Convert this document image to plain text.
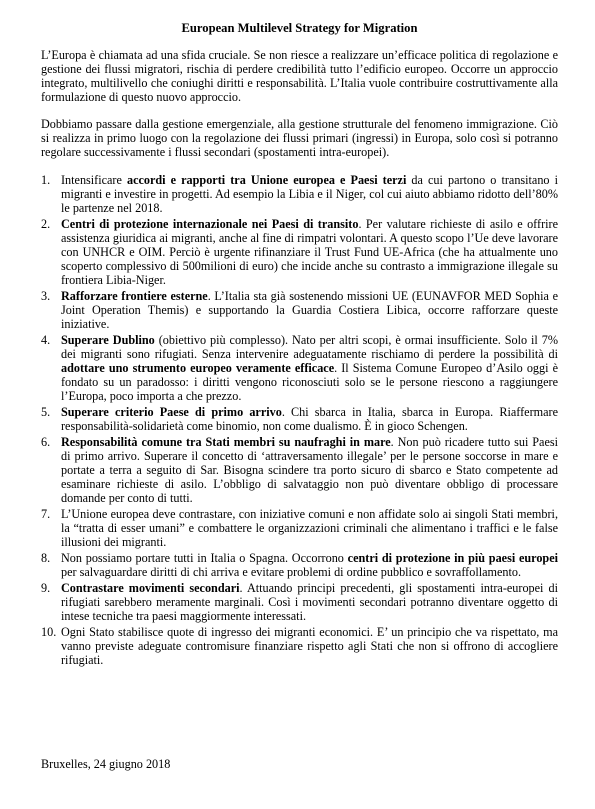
European Multilevel Strategy for Migration

L’Europa è chiamata ad una sfida cruciale. Se non riesce a realizzare un’efficace politica di regolazione e gestione dei flussi migratori, rischia di perdere credibilità tutto l’edificio europeo. Occorre un approccio integrato, multilivello che coniughi diritti e responsabilità. L’Italia vuole contribuire costruttivamente alla formulazione di questo nuovo approccio.

Dobbiamo passare dalla gestione emergenziale, alla gestione strutturale del fenomeno immigrazione. Ciò si realizza in primo luogo con la regolazione dei flussi primari (ingressi) in Europa, solo così si potranno regolare successivamente i flussi secondari (spostamenti intra-europei).

1. Intensificare accordi e rapporti tra Unione europea e Paesi terzi da cui partono o transitano i migranti e investire in progetti. Ad esempio la Libia e il Niger, col cui aiuto abbiamo ridotto dell’80% le partenze nel 2018.
2. Centri di protezione internazionale nei Paesi di transito. Per valutare richieste di asilo e offrire assistenza giuridica ai migranti, anche al fine di rimpatri volontari. A questo scopo l’Ue deve lavorare con UNHCR e OIM. Perciò è urgente rifinanziare il Trust Fund UE-Africa (che ha attualmente uno scoperto complessivo di 500milioni di euro) che incide anche su contrasto a immigrazione illegale su frontiera Libia-Niger.
3. Rafforzare frontiere esterne. L’Italia sta già sostenendo missioni UE (EUNAVFOR MED Sophia e Joint Operation Themis) e supportando la Guardia Costiera Libica, occorre rafforzare queste iniziative.
4. Superare Dublino (obiettivo più complesso). Nato per altri scopi, è ormai insufficiente. Solo il 7% dei migranti sono rifugiati. Senza intervenire adeguatamente rischiamo di perdere la possibilità di adottare uno strumento europeo veramente efficace. Il Sistema Comune Europeo d’Asilo oggi è fondato su un paradosso: i diritti vengono riconosciuti solo se le persone riescono a raggiungere l’Europa, poco importa a che prezzo.
5. Superare criterio Paese di primo arrivo. Chi sbarca in Italia, sbarca in Europa. Riaffermare responsabilità-solidarietà come binomio, non come dualismo. È in gioco Schengen.
6. Responsabilità comune tra Stati membri su naufraghi in mare. Non può ricadere tutto sui Paesi di primo arrivo. Superare il concetto di ‘attraversamento illegale’ per le persone soccorse in mare e portate a terra a seguito di Sar. Bisogna scindere tra porto sicuro di sbarco e Stato competente ad esaminare richieste di asilo. L’obbligo di salvataggio non può diventare obbligo di processare domande per conto di tutti.
7. L’Unione europea deve contrastare, con iniziative comuni e non affidate solo ai singoli Stati membri, la “tratta di esser umani” e combattere le organizzazioni criminali che alimentano i traffici e le false illusioni dei migranti.
8. Non possiamo portare tutti in Italia o Spagna. Occorrono centri di protezione in più paesi europei per salvaguardare diritti di chi arriva e evitare problemi di ordine pubblico e sovraffollamento.
9. Contrastare movimenti secondari. Attuando principi precedenti, gli spostamenti intra-europei di rifugiati sarebbero meramente marginali. Così i movimenti secondari potranno diventare oggetto di intese tecniche tra paesi maggiormente interessati.
10. Ogni Stato stabilisce quote di ingresso dei migranti economici. E’ un principio che va rispettato, ma vanno previste adeguate contromisure finanziare rispetto agli Stati che non si offrono di accogliere rifugiati.
Bruxelles, 24 giugno 2018
